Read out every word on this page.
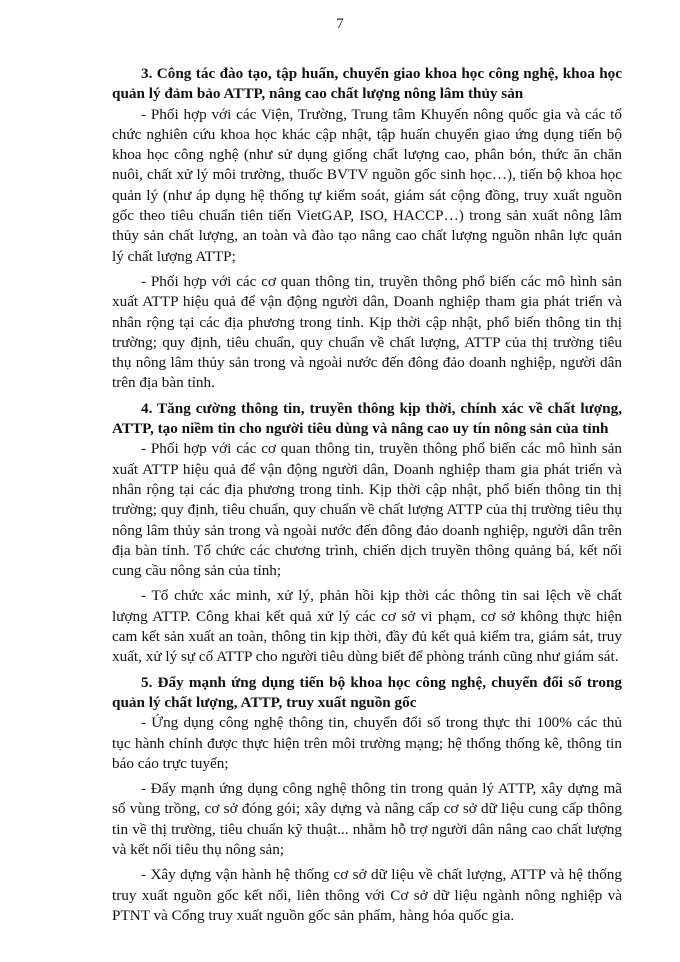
7

3. Công tác đào tạo, tập huấn, chuyển giao khoa học công nghệ, khoa học quản lý đảm bảo ATTP, nâng cao chất lượng nông lâm thủy sản

- Phối hợp với các Viện, Trường, Trung tâm Khuyến nông quốc gia và các tổ chức nghiên cứu khoa học khác cập nhật, tập huấn chuyển giao ứng dụng tiến bộ khoa học công nghệ (như sử dụng giống chất lượng cao, phân bón, thức ăn chăn nuôi, chất xử lý môi trường, thuốc BVTV nguồn gốc sinh học…), tiến bộ khoa học quản lý (như áp dụng hệ thống tự kiểm soát, giám sát cộng đồng, truy xuất nguồn gốc theo tiêu chuẩn tiên tiến VietGAP, ISO, HACCP…) trong sản xuất nông lâm thủy sản chất lượng, an toàn và đào tạo nâng cao chất lượng nguồn nhân lực quản lý chất lượng ATTP;

- Phối hợp với các cơ quan thông tin, truyền thông phổ biến các mô hình sản xuất ATTP hiệu quả để vận động người dân, Doanh nghiệp tham gia phát triển và nhân rộng tại các địa phương trong tỉnh. Kịp thời cập nhật, phổ biến thông tin thị trường; quy định, tiêu chuẩn, quy chuẩn về chất lượng, ATTP của thị trường tiêu thụ nông lâm thủy sản trong và ngoài nước đến đông đảo doanh nghiệp, người dân trên địa bàn tỉnh.

4. Tăng cường thông tin, truyền thông kịp thời, chính xác về chất lượng, ATTP, tạo niềm tin cho người tiêu dùng và nâng cao uy tín nông sản của tỉnh

- Phối hợp với các cơ quan thông tin, truyền thông phổ biến các mô hình sản xuất ATTP hiệu quả để vận động người dân, Doanh nghiệp tham gia phát triển và nhân rộng tại các địa phương trong tỉnh. Kịp thời cập nhật, phổ biến thông tin thị trường; quy định, tiêu chuẩn, quy chuẩn về chất lượng ATTP của thị trường tiêu thụ nông lâm thủy sản trong và ngoài nước đến đông đảo doanh nghiệp, người dân trên địa bàn tỉnh. Tổ chức các chương trình, chiến dịch truyền thông quảng bá, kết nối cung cầu nông sản của tỉnh;

- Tổ chức xác minh, xử lý, phản hồi kịp thời các thông tin sai lệch về chất lượng ATTP. Công khai kết quả xử lý các cơ sở vi phạm, cơ sở không thực hiện cam kết sản xuất an toàn, thông tin kịp thời, đầy đủ kết quả kiểm tra, giám sát, truy xuất, xử lý sự cố ATTP cho người tiêu dùng biết để phòng tránh cũng như giám sát.

5. Đẩy mạnh ứng dụng tiến bộ khoa học công nghệ, chuyển đổi số trong quản lý chất lượng, ATTP, truy xuất nguồn gốc

- Ứng dụng công nghệ thông tin, chuyển đổi số trong thực thi 100% các thủ tục hành chính được thực hiện trên môi trường mạng; hệ thống thống kê, thông tin báo cáo trực tuyến;

- Đẩy mạnh ứng dụng công nghệ thông tin trong quản lý ATTP, xây dựng mã số vùng trồng, cơ sở đóng gói; xây dựng và nâng cấp cơ sở dữ liệu cung cấp thông tin về thị trường, tiêu chuẩn kỹ thuật... nhằm hỗ trợ người dân nâng cao chất lượng và kết nối tiêu thụ nông sản;

- Xây dựng vận hành hệ thống cơ sở dữ liệu về chất lượng, ATTP và hệ thống truy xuất nguồn gốc kết nối, liên thông với Cơ sở dữ liệu ngành nông nghiệp và PTNT và Cổng truy xuất nguồn gốc sản phẩm, hàng hóa quốc gia.
